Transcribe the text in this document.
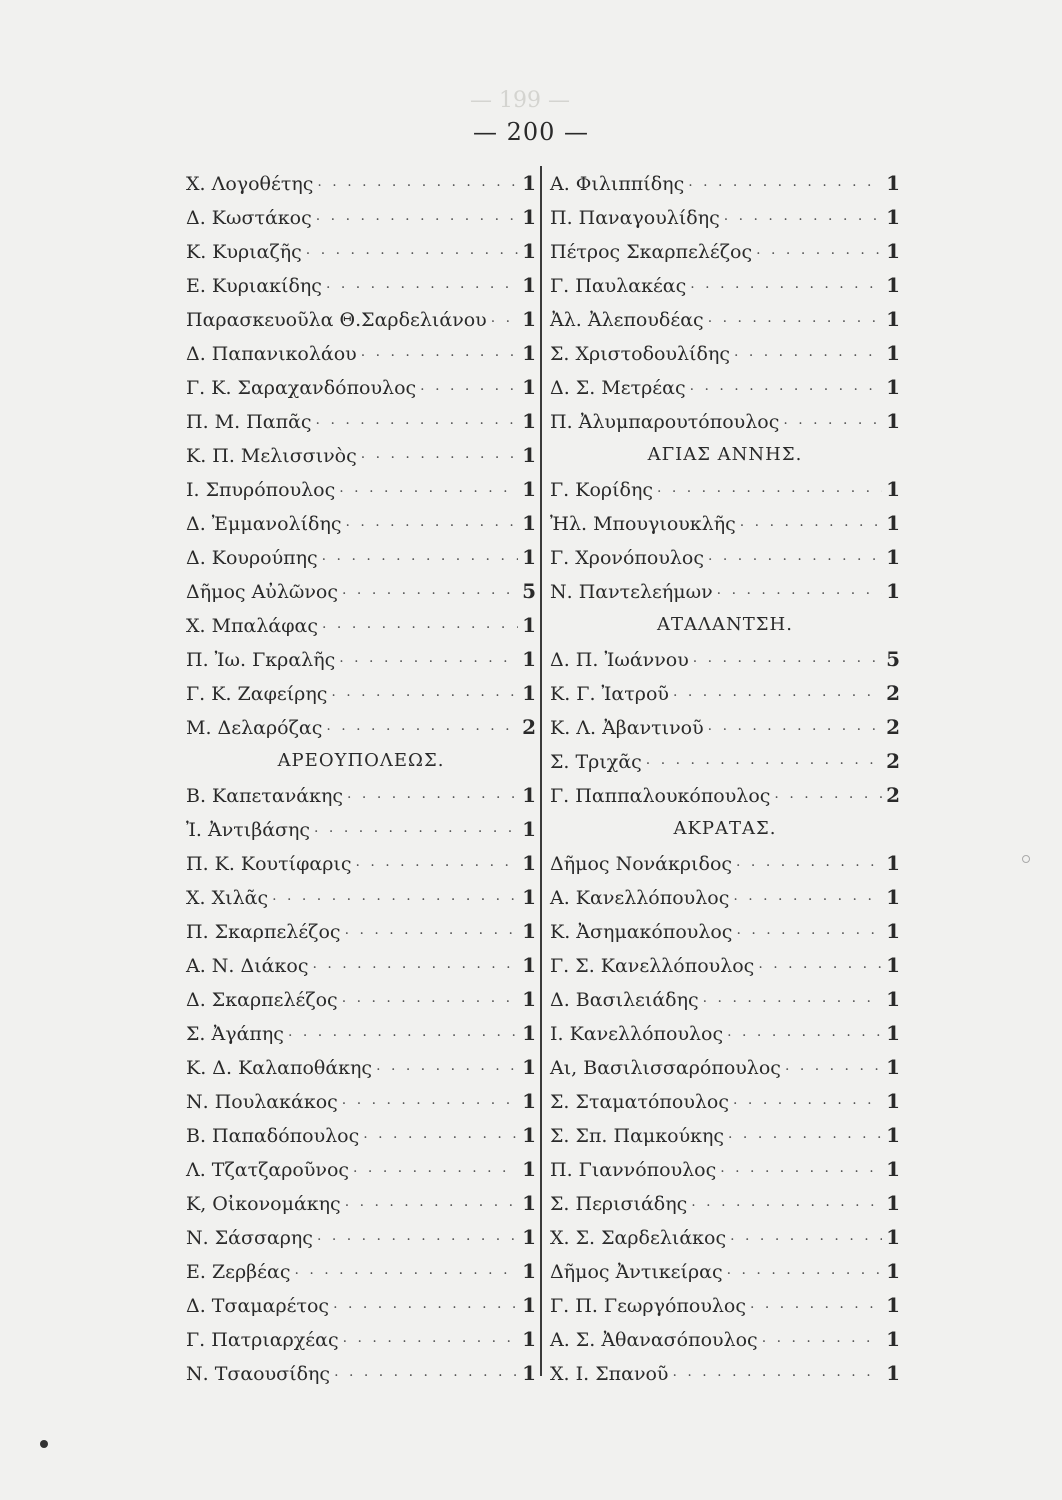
— 199 —
— 200 —
Χ. Λογοθέτης · · ·	1
Δ. Κωστάκος · · ·	1
Κ. Κυριαζῆς · · ·	1
Ε. Κυριακίδης · · ·	1
Παρασκευοῦλα Θ.Σαρδελιάνου · · · 1
Δ. Παπανικολάου · · ·	1
Γ. Κ. Σαραχανδόπουλος · · ·	1
Π. Μ. Παπᾶς · · ·	1
Κ. Π. Μελισσινὸς · · ·	1
Ι. Σπυρόπουλος · · ·	1
Δ. Ἐμμανολίδης · · ·	1
Δ. Κουρούπης · · ·	1
Δῆμος Αὐλῶνος · · ·	5
Χ. Μπαλάφας · · ·	1
Π. Ἰω. Γκραλῆς · · ·	1
Γ. Κ. Ζαφείρης · · ·	1
Μ. Δελαρόζας · · ·	2
ΑΡΕΟΥΠΟΛΕΩΣ.
Β. Καπετανάκης · · ·	1
Ἰ. Ἀντιβάσης · · ·	1
Π. Κ. Κουτίφαρις · · ·	1
Χ. Χιλᾶς · · ·	1
Π. Σκαρπελέζος · · ·	1
Α. Ν. Διάκος · · ·	1
Δ. Σκαρπελέζος · · ·	1
Σ. Ἀγάπης · · ·	1
Κ. Δ. Καλαποθάκης · · ·	1
Ν. Πουλακάκος · · ·	1
Β. Παπαδόπουλος · · ·	1
Λ. Τζατζαροῦνος · · ·	1
Κ, Οἰκονομάκης · · ·	1
Ν. Σάσσαρης · · ·	1
Ε. Ζερβέας · · ·	1
Δ. Τσαμαρέτος · · ·	1
Γ. Πατριαρχέας · · ·	1
Ν. Τσαουσίδης · · ·	1
Α. Φιλιππίδης · · ·	1
Π. Παναγουλίδης · · ·	1
Πέτρος Σκαρπελέζος · · ·	1
Γ. Παυλακέας · · ·	1
Ἀλ. Ἀλεπουδέας · · ·	1
Σ. Χριστοδουλίδης · · ·	1
Δ. Σ. Μετρέας · · ·	1
Π. Ἀλυμπαρουτόπουλος · · ·	1
ΑΓΙΑΣ ΑΝΝΗΣ.
Γ. Κορίδης · · ·	1
Ἠλ. Μπουγιουκλῆς · · ·	1
Γ. Χρονόπουλος · · ·	1
Ν. Παντελεήμων · · ·	1
ΑΤΑΛΑΝΤΣΗ.
Δ. Π. Ἰωάννου · · ·	5
Κ. Γ. Ἰατροῦ · · ·	2
Κ. Λ. Ἀβαντινοῦ · · ·	2
Σ. Τριχᾶς · · ·	2
Γ. Παππαλουκόπουλος · · ·	2
ΑΚΡΑΤΑΣ.
Δῆμος Νονάκριδος · · ·	1
Α. Κανελλόπουλος · · ·	1
Κ. Ἀσημακόπουλος · · ·	1
Γ. Σ. Κανελλόπουλος · · ·	1
Δ. Βασιλειάδης · · ·	1
Ι. Κανελλόπουλος · · ·	1
Αι, Βασιλισσαρόπουλος · · ·	1
Σ. Σταματόπουλος · · ·	1
Σ. Σπ. Παμκούκης · · ·	1
Π. Γιαννόπουλος · · ·	1
Σ. Περισιάδης · · ·	1
Χ. Σ. Σαρδελιάκος · · ·	1
Δῆμος Ἀντικείρας · · ·	1
Γ. Π. Γεωργόπουλος · · ·	1
Α. Σ. Ἀθανασόπουλος · · ·	1
Χ. Ι. Σπανοῦ · · ·	1
